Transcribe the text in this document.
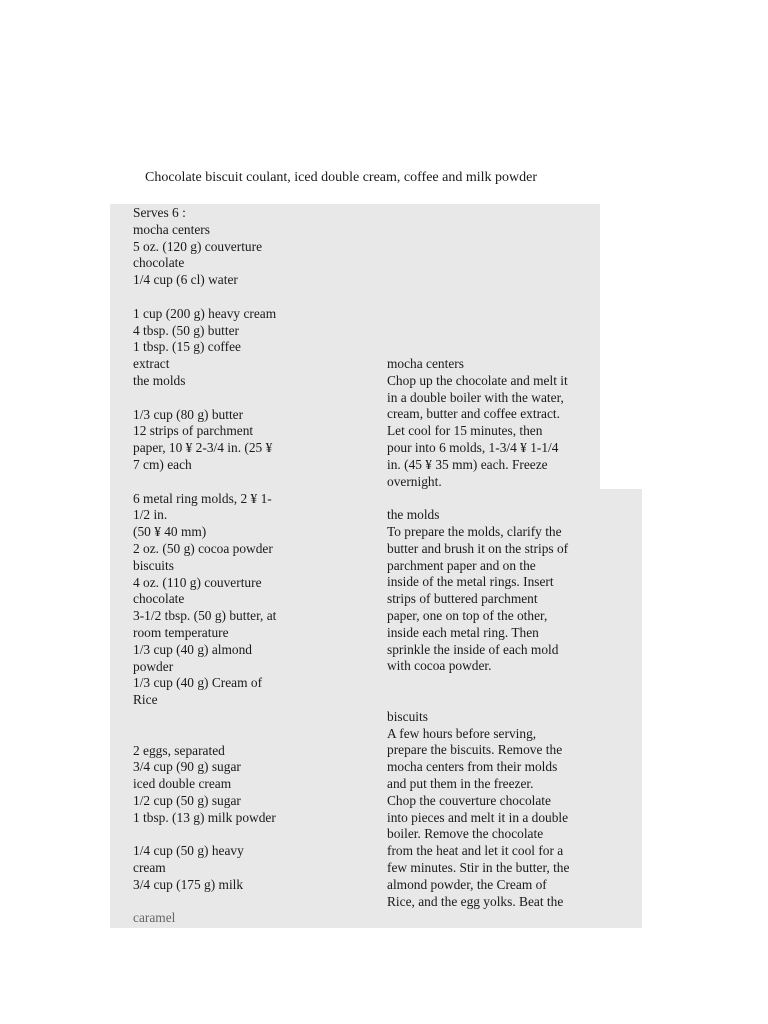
Chocolate biscuit coulant, iced double cream, coffee and milk powder
Serves 6 :
mocha centers
5 oz. (120 g) couverture
chocolate
1/4 cup (6 cl) water
1 cup (200 g) heavy cream
4 tbsp. (50 g) butter
1 tbsp. (15 g) coffee
extract
the molds
1/3 cup (80 g) butter
12 strips of parchment
paper, 10 ¥ 2-3/4 in. (25 ¥
7 cm) each
6 metal ring molds, 2 ¥ 1-
1/2 in.
(50 ¥ 40 mm)
2 oz. (50 g) cocoa powder
biscuits
4 oz. (110 g) couverture
chocolate
3-1/2 tbsp. (50 g) butter, at
room temperature
1/3 cup (40 g) almond
powder
1/3 cup (40 g) Cream of
Rice
2 eggs, separated
3/4 cup (90 g) sugar
iced double cream
1/2 cup (50 g) sugar
1 tbsp. (13 g) milk powder
1/4 cup (50 g) heavy
cream
3/4 cup (175 g) milk
caramel
mocha centers
Chop up the chocolate and melt it
in a double boiler with the water,
cream, butter and coffee extract.
Let cool for 15 minutes, then
pour into 6 molds, 1-3/4 ¥ 1-1/4
in. (45 ¥ 35 mm) each. Freeze
overnight.
the molds
To prepare the molds, clarify the
butter and brush it on the strips of
parchment paper and on the
inside of the metal rings. Insert
strips of buttered parchment
paper, one on top of the other,
inside each metal ring. Then
sprinkle the inside of each mold
with cocoa powder.
biscuits
A few hours before serving,
prepare the biscuits. Remove the
mocha centers from their molds
and put them in the freezer.
Chop the couverture chocolate
into pieces and melt it in a double
boiler. Remove the chocolate
from the heat and let it cool for a
few minutes. Stir in the butter, the
almond powder, the Cream of
Rice, and the egg yolks. Beat the
